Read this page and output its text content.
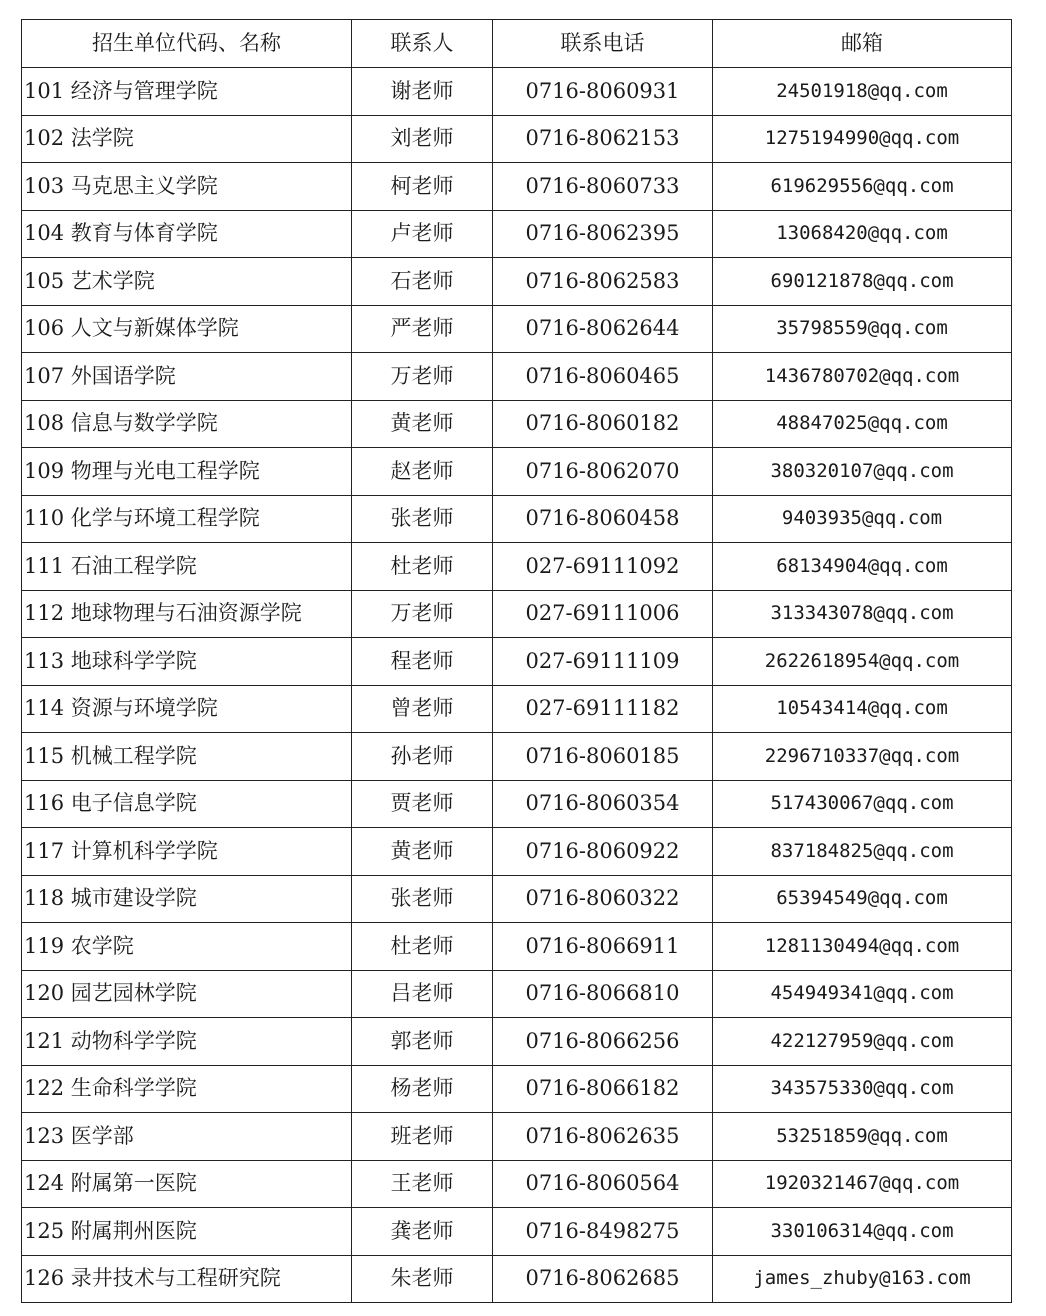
招生单位代码、名称	联系人	联系电话	邮箱
101 经济与管理学院	谢老师	0716-8060931	24501918@qq.com
102 法学院	刘老师	0716-8062153	1275194990@qq.com
103 马克思主义学院	柯老师	0716-8060733	619629556@qq.com
104 教育与体育学院	卢老师	0716-8062395	13068420@qq.com
105 艺术学院	石老师	0716-8062583	690121878@qq.com
106 人文与新媒体学院	严老师	0716-8062644	35798559@qq.com
107 外国语学院	万老师	0716-8060465	1436780702@qq.com
108 信息与数学学院	黄老师	0716-8060182	48847025@qq.com
109 物理与光电工程学院	赵老师	0716-8062070	380320107@qq.com
110 化学与环境工程学院	张老师	0716-8060458	9403935@qq.com
111 石油工程学院	杜老师	027-69111092	68134904@qq.com
112 地球物理与石油资源学院	万老师	027-69111006	313343078@qq.com
113 地球科学学院	程老师	027-69111109	2622618954@qq.com
114 资源与环境学院	曾老师	027-69111182	10543414@qq.com
115 机械工程学院	孙老师	0716-8060185	2296710337@qq.com
116 电子信息学院	贾老师	0716-8060354	517430067@qq.com
117 计算机科学学院	黄老师	0716-8060922	837184825@qq.com
118 城市建设学院	张老师	0716-8060322	65394549@qq.com
119 农学院	杜老师	0716-8066911	1281130494@qq.com
120 园艺园林学院	吕老师	0716-8066810	454949341@qq.com
121 动物科学学院	郭老师	0716-8066256	422127959@qq.com
122 生命科学学院	杨老师	0716-8066182	343575330@qq.com
123 医学部	班老师	0716-8062635	53251859@qq.com
124 附属第一医院	王老师	0716-8060564	1920321467@qq.com
125 附属荆州医院	龚老师	0716-8498275	330106314@qq.com
126 录井技术与工程研究院	朱老师	0716-8062685	james_zhuby@163.com
